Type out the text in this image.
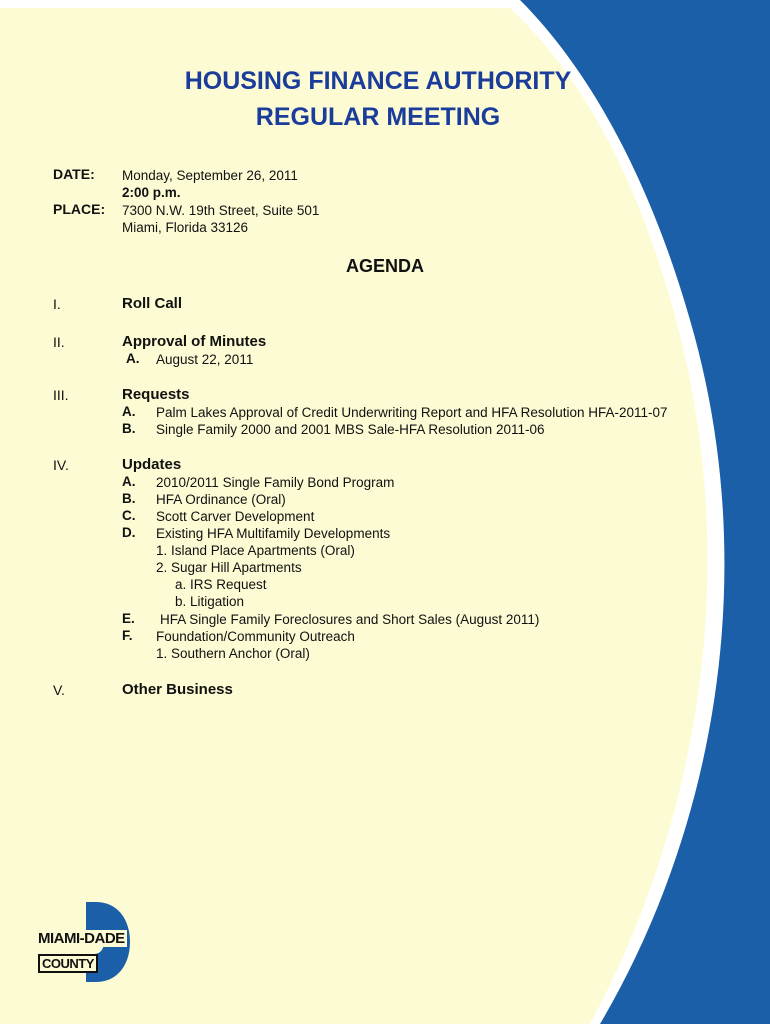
HOUSING FINANCE AUTHORITY
REGULAR MEETING
DATE: Monday, September 26, 2011
2:00 p.m.
PLACE: 7300 N.W. 19th Street, Suite 501
Miami, Florida 33126
AGENDA
I.	Roll Call
II.	Approval of Minutes
A. August 22, 2011
III.	Requests
A. Palm Lakes Approval of Credit Underwriting Report and HFA Resolution HFA-2011-07
B. Single Family 2000 and 2001 MBS Sale-HFA Resolution 2011-06
IV.	Updates
A. 2010/2011 Single Family Bond Program
B. HFA Ordinance (Oral)
C. Scott Carver Development
D. Existing HFA Multifamily Developments
1. Island Place Apartments (Oral)
2. Sugar Hill Apartments
a. IRS Request
b. Litigation
E. HFA Single Family Foreclosures and Short Sales (August 2011)
F. Foundation/Community Outreach
1. Southern Anchor (Oral)
V.	Other Business
MIAMI-DADE
COUNTY
